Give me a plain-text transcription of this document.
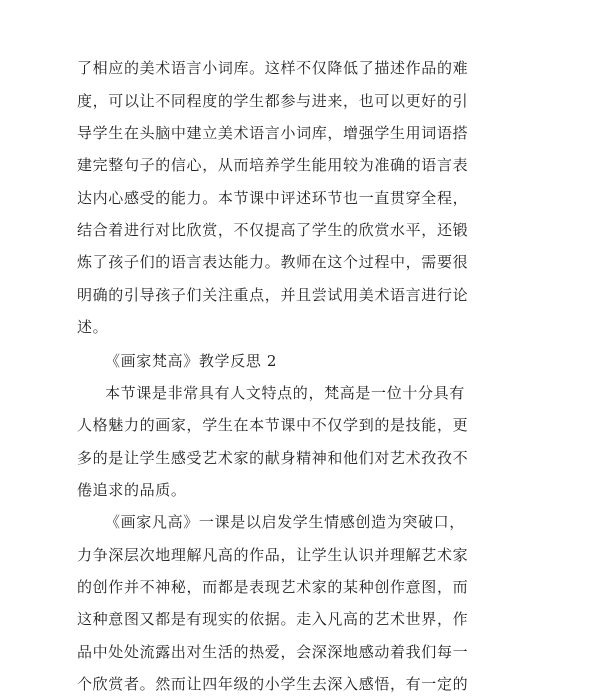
了相应的美术语言小词库。这样不仅降低了描述作品的难
度，可以让不同程度的学生都参与进来，也可以更好的引
导学生在头脑中建立美术语言小词库，增强学生用词语搭
建完整句子的信心，从而培养学生能用较为准确的语言表
达内心感受的能力。本节课中评述环节也一直贯穿全程，
结合着进行对比欣赏，不仅提高了学生的欣赏水平，还锻
炼了孩子们的语言表达能力。教师在这个过程中，需要很
明确的引导孩子们关注重点，并且尝试用美术语言进行论
述。
《画家梵高》教学反思 2
本节课是非常具有人文特点的，梵高是一位十分具有
人格魅力的画家，学生在本节课中不仅学到的是技能，更
多的是让学生感受艺术家的献身精神和他们对艺术孜孜不
倦追求的品质。
《画家凡高》一课是以启发学生情感创造为突破口，
力争深层次地理解凡高的作品，让学生认识并理解艺术家
的创作并不神秘，而都是表现艺术家的某种创作意图，而
这种意图又都是有现实的依据。走入凡高的艺术世界，作
品中处处流露出对生活的热爱，会深深地感动着我们每一
个欣赏者。然而让四年级的小学生去深入感悟，有一定的
